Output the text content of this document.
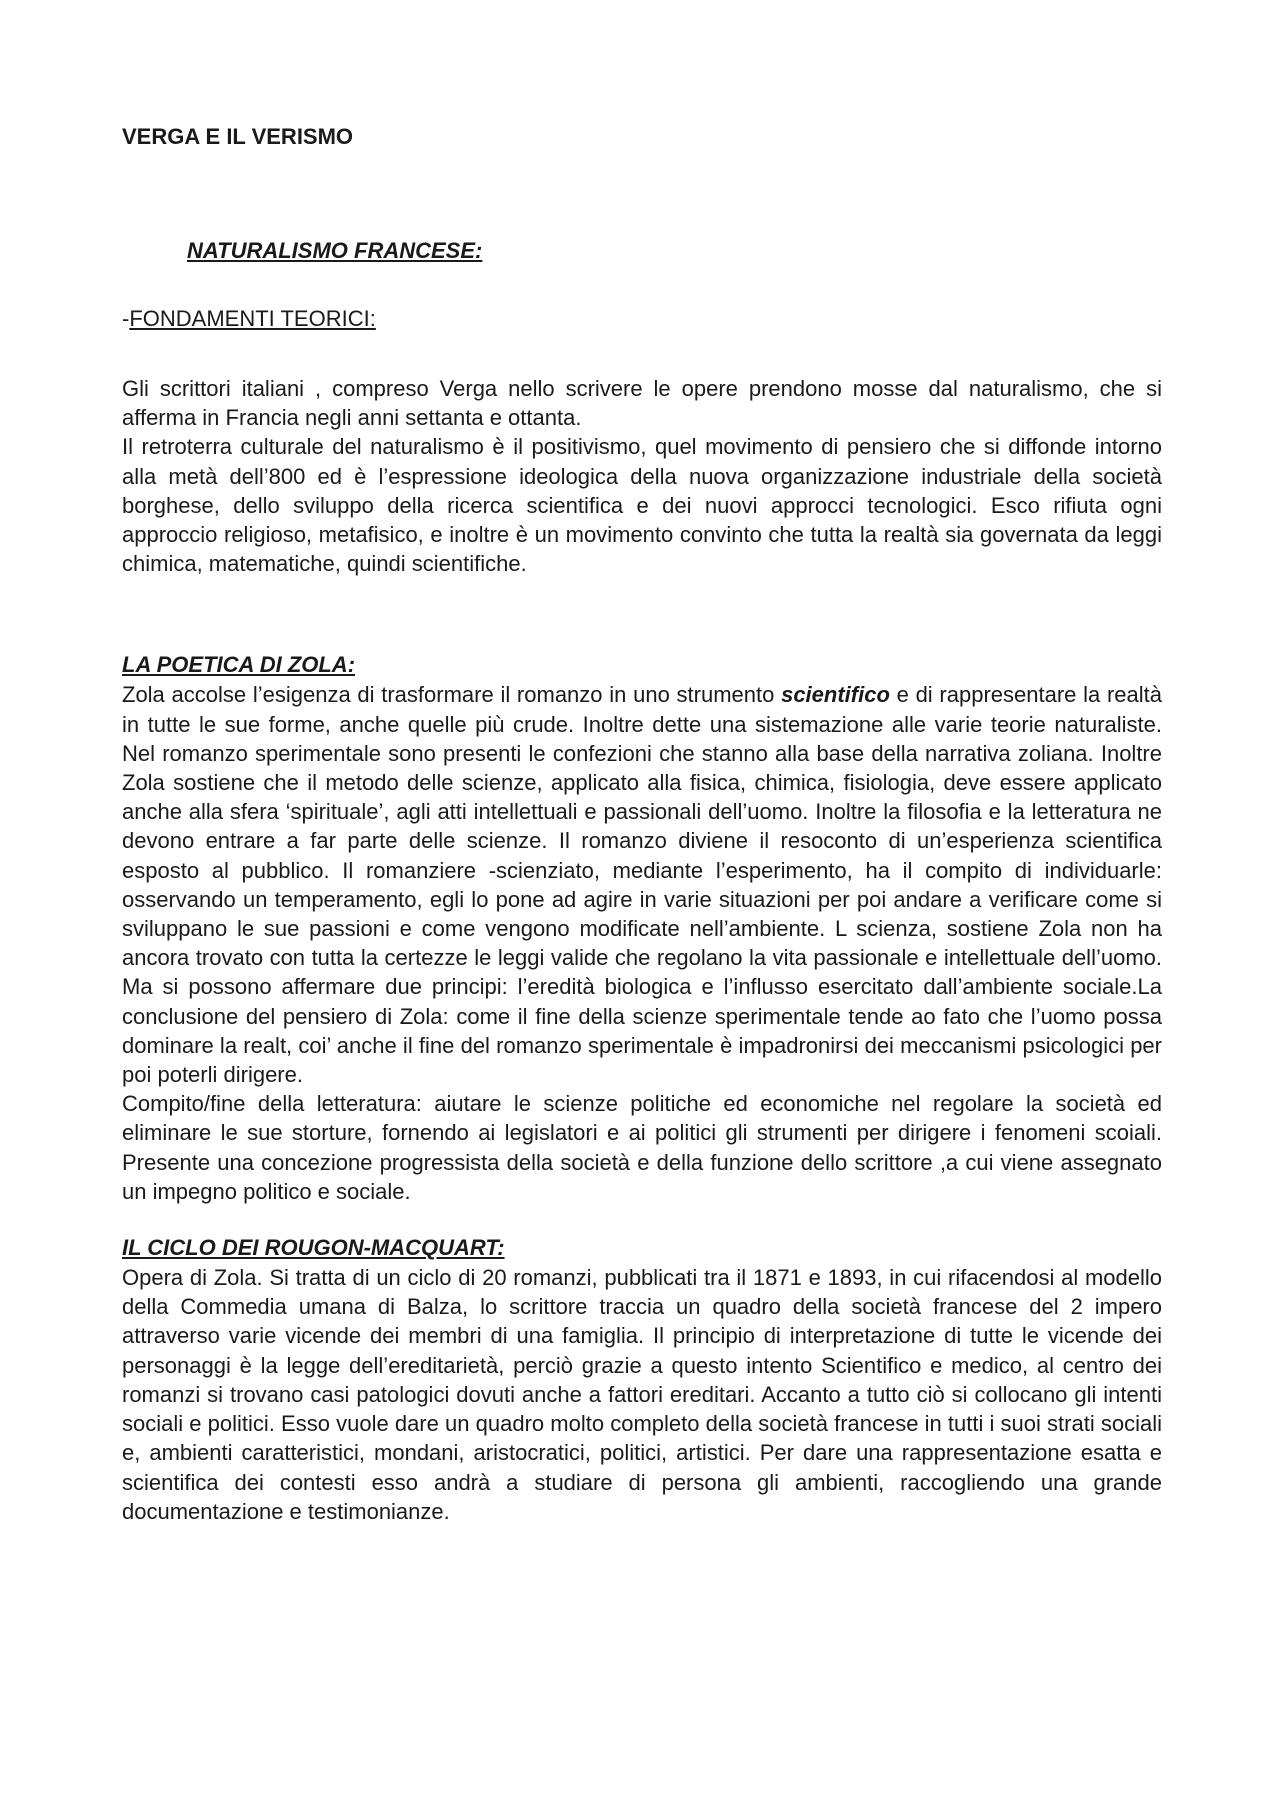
VERGA E IL VERISMO
NATURALISMO FRANCESE:
-FONDAMENTI TEORICI:

Gli scrittori italiani , compreso Verga nello scrivere le opere prendono mosse dal naturalismo, che si afferma in Francia negli anni settanta e ottanta.

Il retroterra culturale del naturalismo è il positivismo, quel movimento di pensiero che si diffonde intorno alla metà dell’800 ed è l’espressione ideologica della nuova organizzazione industriale della società borghese, dello sviluppo della ricerca scientifica e dei nuovi approcci tecnologici. Esco rifiuta ogni approccio religioso, metafisico, e inoltre è un movimento convinto che tutta la realtà sia governata da leggi chimica, matematiche, quindi scientifiche.

LA POETICA DI ZOLA:

Zola accolse l’esigenza di trasformare il romanzo in uno strumento scientifico e di rappresentare la realtà in tutte le sue forme, anche quelle più crude. Inoltre dette una sistemazione alle varie teorie naturaliste. Nel romanzo sperimentale sono presenti le confezioni che stanno alla base della narrativa zoliana. Inoltre Zola sostiene che il metodo delle scienze, applicato alla fisica, chimica, fisiologia, deve essere applicato anche alla sfera ‘spirituale’, agli atti intellettuali e passionali dell’uomo. Inoltre la filosofia e la letteratura ne devono entrare a far parte delle scienze. Il romanzo diviene il resoconto di un’esperienza scientifica esposto al pubblico. Il romanziere -scienziato, mediante l’esperimento, ha il compito di individuarle: osservando un temperamento, egli lo pone ad agire in varie situazioni per poi andare a verificare come si sviluppano le sue passioni e come vengono modificate nell’ambiente. L scienza, sostiene Zola non ha ancora trovato con tutta la certezze le leggi valide che regolano la vita passionale e intellettuale dell’uomo. Ma si possono affermare due principi: l’eredità biologica e l’influsso esercitato dall’ambiente sociale.La conclusione del pensiero di Zola: come il fine della scienze sperimentale tende ao fato che l’uomo possa dominare la realt, coi’ anche il fine del romanzo sperimentale è impadronirsi dei meccanismi psicologici per poi poterli dirigere.

Compito/fine della letteratura: aiutare le scienze politiche ed economiche nel regolare la società ed eliminare le sue storture, fornendo ai legislatori e ai politici gli strumenti per dirigere i fenomeni scoiali. Presente una concezione progressista della società e della funzione dello scrittore ,a cui viene assegnato un impegno politico e sociale.

IL CICLO DEI ROUGON-MACQUART:

Opera di Zola. Si tratta di un ciclo di 20 romanzi, pubblicati tra il 1871 e 1893, in cui rifacendosi al modello della Commedia umana di Balza, lo scrittore traccia un quadro della società francese del 2 impero attraverso varie vicende dei membri di una famiglia. Il principio di interpretazione di tutte le vicende dei personaggi è la legge dell’ereditarietà, perciò grazie a questo intento Scientifico e medico, al centro dei romanzi si trovano casi patologici dovuti anche a fattori ereditari. Accanto a tutto ciò si collocano gli intenti sociali e politici. Esso vuole dare un quadro molto completo della società francese in tutti i suoi strati sociali e, ambienti caratteristici, mondani, aristocratici, politici, artistici. Per dare una rappresentazione esatta e scientifica dei contesti esso andrà a studiare di persona gli ambienti, raccogliendo una grande documentazione e testimonianze.
